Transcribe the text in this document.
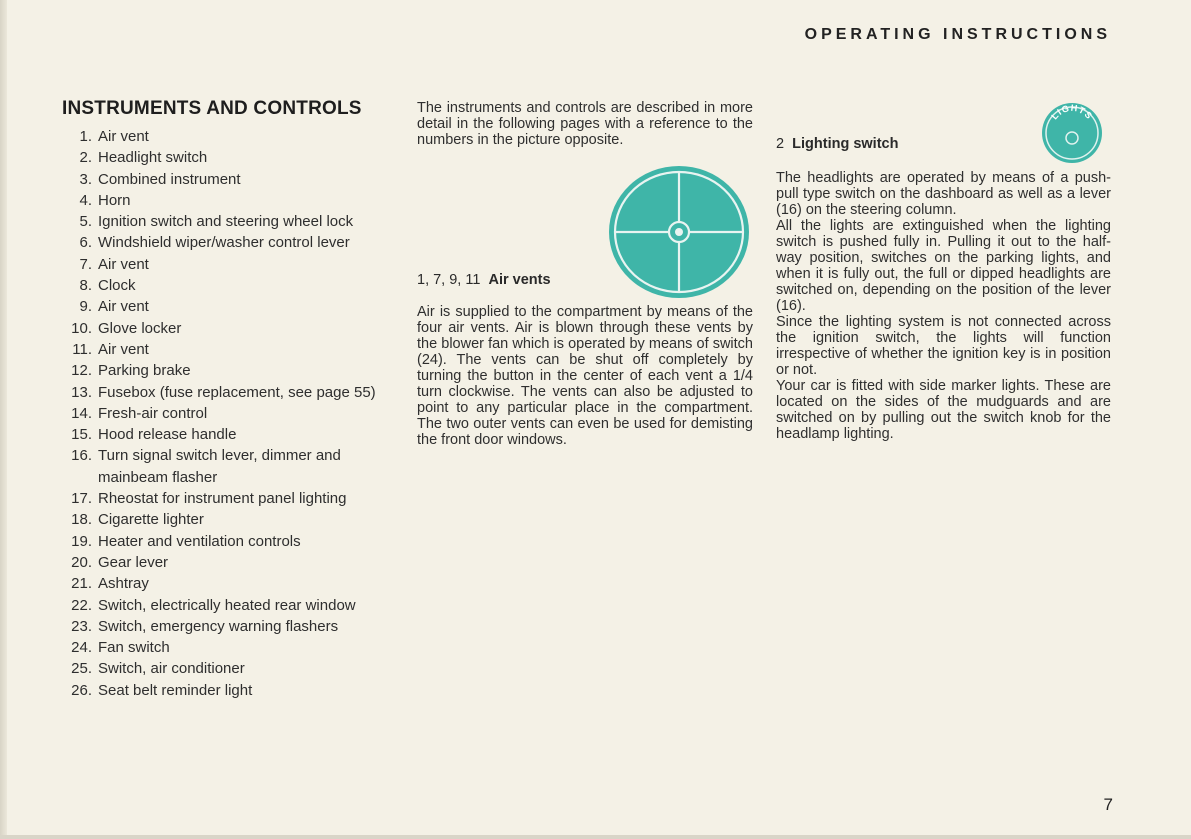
OPERATING INSTRUCTIONS
INSTRUMENTS AND CONTROLS
1. Air vent
2. Headlight switch
3. Combined instrument
4. Horn
5. Ignition switch and steering wheel lock
6. Windshield wiper/washer control lever
7. Air vent
8. Clock
9. Air vent
10. Glove locker
11. Air vent
12. Parking brake
13. Fusebox (fuse replacement, see page 55)
14. Fresh-air control
15. Hood release handle
16. Turn signal switch lever, dimmer and mainbeam flasher
17. Rheostat for instrument panel lighting
18. Cigarette lighter
19. Heater and ventilation controls
20. Gear lever
21. Ashtray
22. Switch, electrically heated rear window
23. Switch, emergency warning flashers
24. Fan switch
25. Switch, air conditioner
26. Seat belt reminder light

The instruments and controls are described in more detail in the following pages with a reference to the numbers in the picture opposite.

1, 7, 9, 11 Air vents

Air is supplied to the compartment by means of the four air vents. Air is blown through these vents by the blower fan which is operated by means of switch (24). The vents can be shut off completely by turning the button in the center of each vent a 1/4 turn clockwise. The vents can also be adjusted to point to any particular place in the compartment. The two outer vents can even be used for demisting the front door windows.

LIGHTS

2 Lighting switch

The headlights are operated by means of a push-pull type switch on the dashboard as well as a lever (16) on the steering column.

All the lights are extinguished when the lighting switch is pushed fully in. Pulling it out to the half-way position, switches on the parking lights, and when it is fully out, the full or dipped headlights are switched on, depending on the position of the lever (16).

Since the lighting system is not connected across the ignition switch, the lights will function irrespective of whether the ignition key is in position or not.

Your car is fitted with side marker lights. These are located on the sides of the mudguards and are switched on by pulling out the switch knob for the headlamp lighting.

7
